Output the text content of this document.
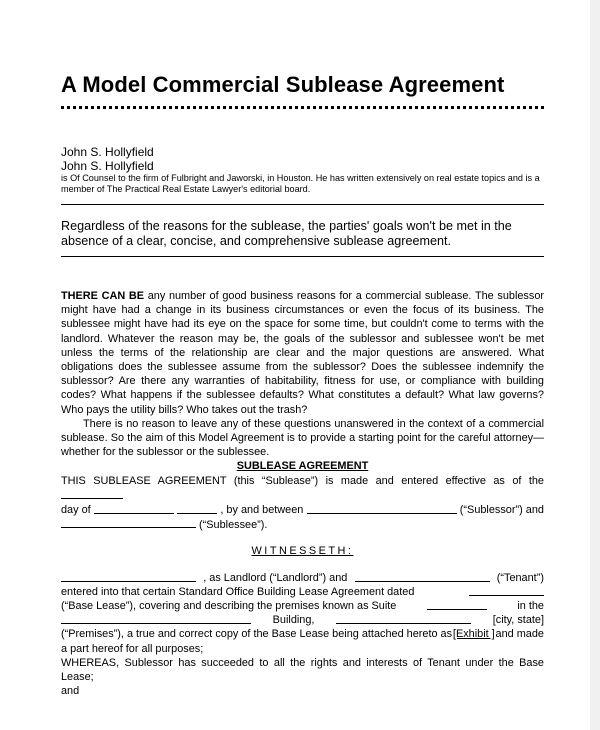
A Model Commercial Sublease Agreement
John S. Hollyfield
John S. Hollyfield
is Of Counsel to the firm of Fulbright and Jaworski, in Houston. He has written extensively on real estate topics and is a member of The Practical Real Estate Lawyer's editorial board.
Regardless of the reasons for the sublease, the parties' goals won't be met in the absence of a clear, concise, and comprehensive sublease agreement.

THERE CAN BE any number of good business reasons for a commercial sublease. The sublessor might have had a change in its business circumstances or even the focus of its business. The sublessee might have had its eye on the space for some time, but couldn't come to terms with the landlord. Whatever the reason may be, the goals of the sublessor and sublessee won't be met unless the terms of the relationship are clear and the major questions are answered. What obligations does the sublessee assume from the sublessor? Does the sublessee indemnify the sublessor? Are there any warranties of habitability, fitness for use, or compliance with building codes? What happens if the sublessee defaults? What constitutes a default? What law governs? Who pays the utility bills? Who takes out the trash?

There is no reason to leave any of these questions unanswered in the context of a commercial sublease. So the aim of this Model Agreement is to provide a starting point for the careful attorney—whether for the sublessor or the sublessee.

SUBLEASE AGREEMENT

THIS SUBLEASE AGREEMENT (this “Sublease”) is made and entered effective as of the

day of	, by and between	(“Sublessor”) and

(“Sublessee”).

WITNESSETH:
, as Landlord (“Landlord”) and	(“Tenant”)
entered into that certain Standard Office Building Lease Agreement dated
(“Base Lease”), covering and describing the premises known as Suite	in the
Building,	[city, state]
(“Premises”), a true and correct copy of the Base Lease being attached hereto as [Exhibit ] and made

a part hereof for all purposes;

WHEREAS, Sublessor has succeeded to all the rights and interests of Tenant under the Base Lease;

and
